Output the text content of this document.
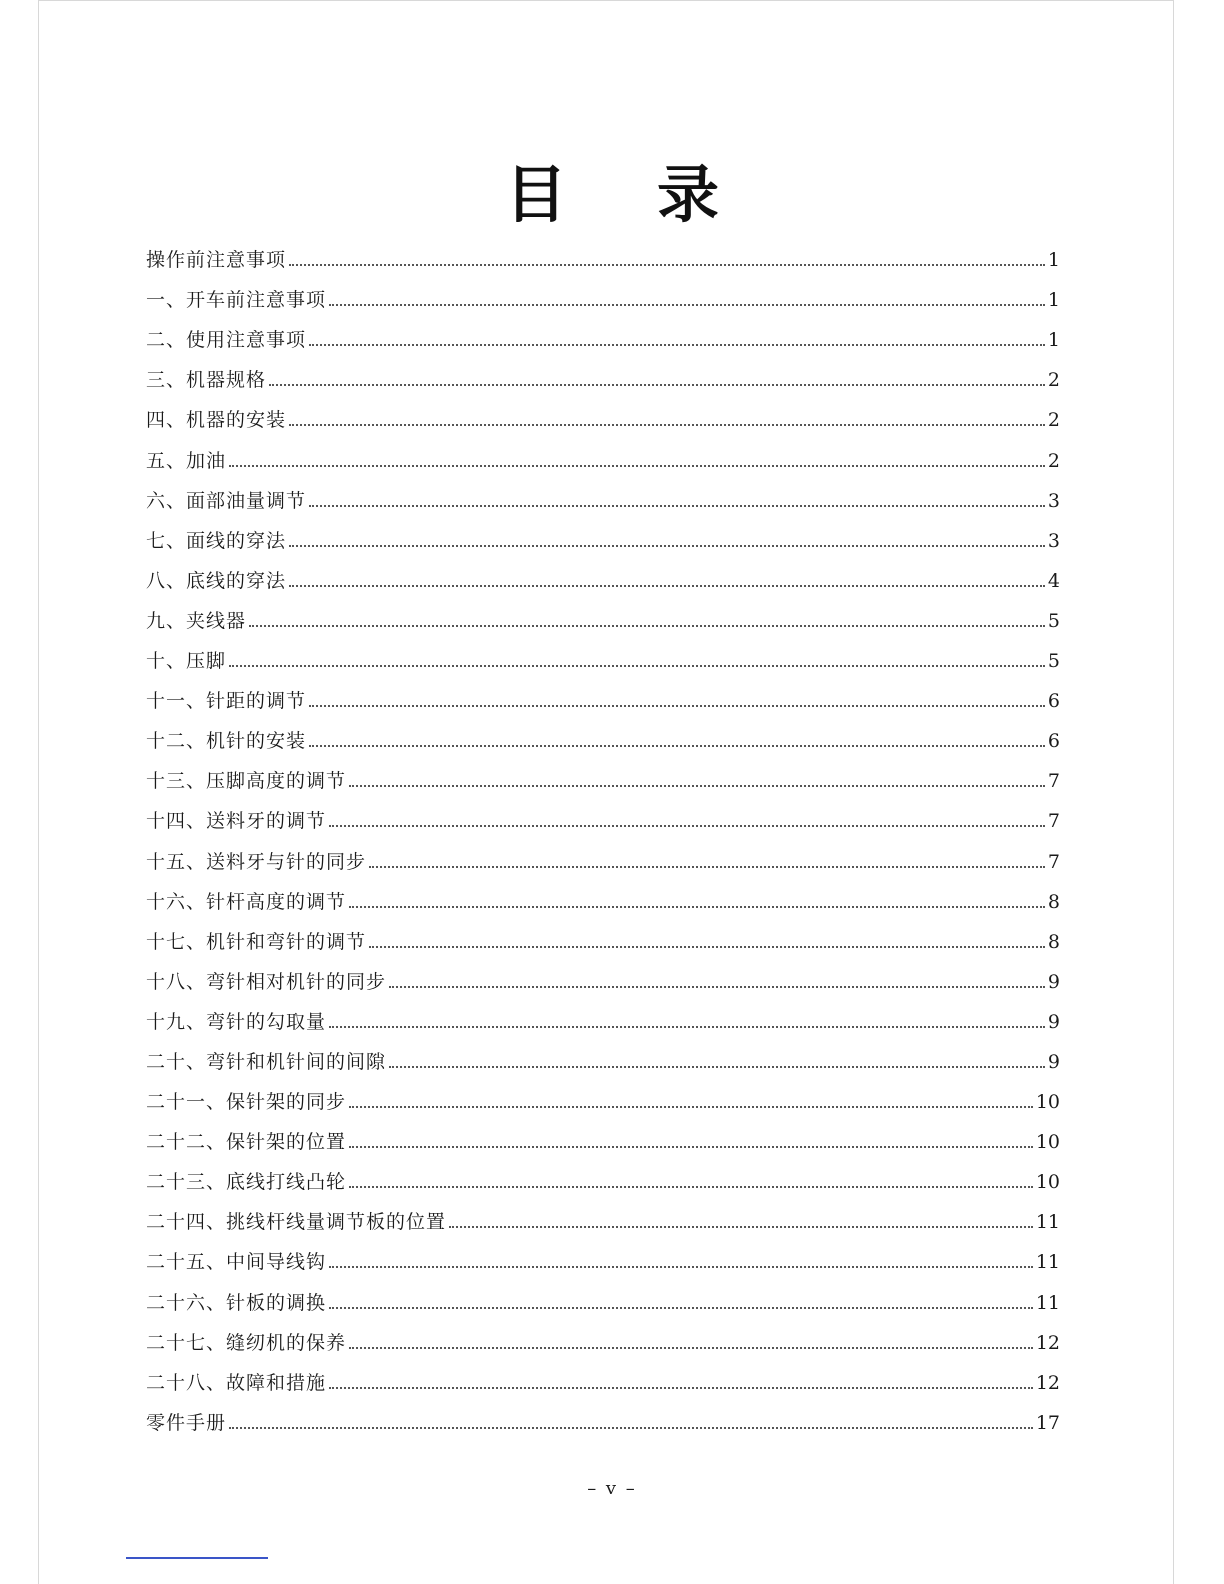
目录
操作前注意事项	1
一、开车前注意事项	1
二、使用注意事项	1
三、机器规格	2
四、机器的安装	2
五、加油	2
六、面部油量调节	3
七、面线的穿法	3
八、底线的穿法	4
九、夹线器	5
十、压脚	5
十一、针距的调节	6
十二、机针的安装	6
十三、压脚高度的调节	7
十四、送料牙的调节	7
十五、送料牙与针的同步	7
十六、针杆高度的调节	8
十七、机针和弯针的调节	8
十八、弯针相对机针的同步	9
十九、弯针的勾取量	9
二十、弯针和机针间的间隙	9
二十一、保针架的同步	10
二十二、保针架的位置	10
二十三、底线打线凸轮	10
二十四、挑线杆线量调节板的位置	11
二十五、中间导线钩	11
二十六、针板的调换	11
二十七、缝纫机的保养	12
二十八、故障和措施	12
零件手册	17
– v –
